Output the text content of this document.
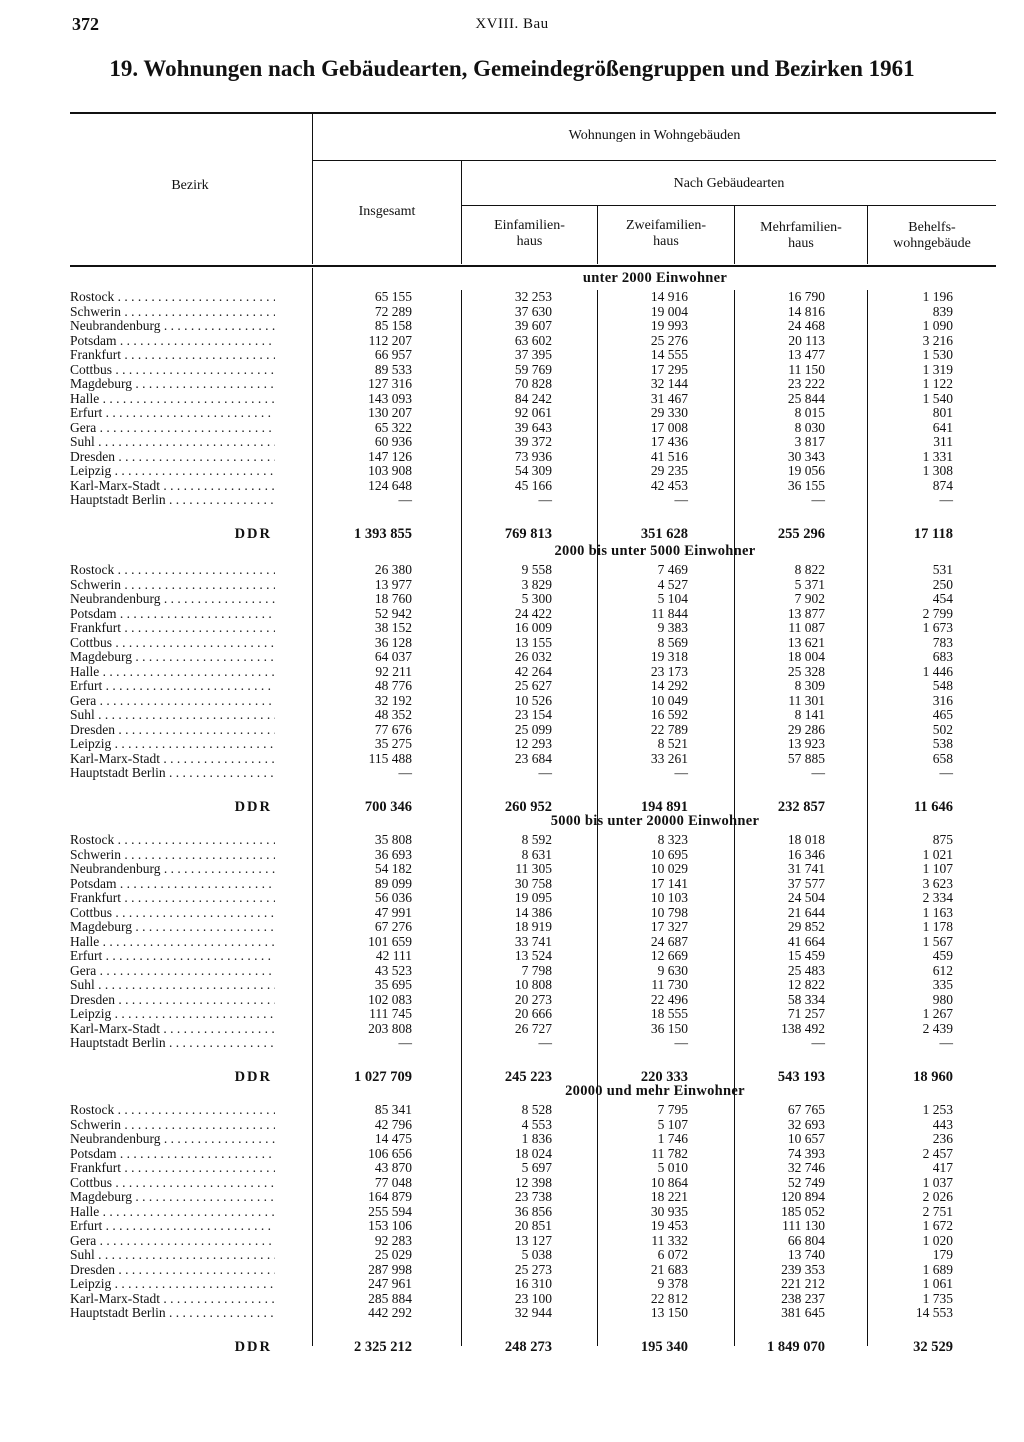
372	XVIII. Bau
19. Wohnungen nach Gebäudearten, Gemeindegrößengruppen und Bezirken 1961
Bezirk
Wohnungen in Wohngebäuden
Insgesamt
Nach Gebäudearten
Einfamilien-
haus
Zweifamilien-
haus
Mehrfamilien-
haus
Behelfs-
wohngebäude
unter 2000 Einwohner
Rostock . . .	65 155	32 253	14 916	16 790	1 196
Schwerin . . .	72 289	37 630	19 004	14 816	839
Neubrandenburg . . .	85 158	39 607	19 993	24 468	1 090
Potsdam . . .	112 207	63 602	25 276	20 113	3 216
Frankfurt . . .	66 957	37 395	14 555	13 477	1 530
Cottbus . . .	89 533	59 769	17 295	11 150	1 319
Magdeburg . . .	127 316	70 828	32 144	23 222	1 122
Halle . . .	143 093	84 242	31 467	25 844	1 540
Erfurt . . .	130 207	92 061	29 330	8 015	801
Gera . . .	65 322	39 643	17 008	8 030	641
Suhl . . .	60 936	39 372	17 436	3 817	311
Dresden . . .	147 126	73 936	41 516	30 343	1 331
Leipzig . . .	103 908	54 309	29 235	19 056	1 308
Karl-Marx-Stadt . . .	124 648	45 166	42 453	36 155	874
Hauptstadt Berlin . . .	—	—	—	—	—
DDR	1 393 855	769 813	351 628	255 296	17 118
2000 bis unter 5000 Einwohner
Rostock . . .	26 380	9 558	7 469	8 822	531
Schwerin . . .	13 977	3 829	4 527	5 371	250
Neubrandenburg . . .	18 760	5 300	5 104	7 902	454
Potsdam . . .	52 942	24 422	11 844	13 877	2 799
Frankfurt . . .	38 152	16 009	9 383	11 087	1 673
Cottbus . . .	36 128	13 155	8 569	13 621	783
Magdeburg . . .	64 037	26 032	19 318	18 004	683
Halle . . .	92 211	42 264	23 173	25 328	1 446
Erfurt . . .	48 776	25 627	14 292	8 309	548
Gera . . .	32 192	10 526	10 049	11 301	316
Suhl . . .	48 352	23 154	16 592	8 141	465
Dresden . . .	77 676	25 099	22 789	29 286	502
Leipzig . . .	35 275	12 293	8 521	13 923	538
Karl-Marx-Stadt . . .	115 488	23 684	33 261	57 885	658
Hauptstadt Berlin . . .	—	—	—	—	—
DDR	700 346	260 952	194 891	232 857	11 646
5000 bis unter 20000 Einwohner
Rostock . . .	35 808	8 592	8 323	18 018	875
Schwerin . . .	36 693	8 631	10 695	16 346	1 021
Neubrandenburg . . .	54 182	11 305	10 029	31 741	1 107
Potsdam . . .	89 099	30 758	17 141	37 577	3 623
Frankfurt . . .	56 036	19 095	10 103	24 504	2 334
Cottbus . . .	47 991	14 386	10 798	21 644	1 163
Magdeburg . . .	67 276	18 919	17 327	29 852	1 178
Halle . . .	101 659	33 741	24 687	41 664	1 567
Erfurt . . .	42 111	13 524	12 669	15 459	459
Gera . . .	43 523	7 798	9 630	25 483	612
Suhl . . .	35 695	10 808	11 730	12 822	335
Dresden . . .	102 083	20 273	22 496	58 334	980
Leipzig . . .	111 745	20 666	18 555	71 257	1 267
Karl-Marx-Stadt . . .	203 808	26 727	36 150	138 492	2 439
Hauptstadt Berlin . . .	—	—	—	—	—
DDR	1 027 709	245 223	220 333	543 193	18 960
20000 und mehr Einwohner
Rostock . . .	85 341	8 528	7 795	67 765	1 253
Schwerin . . .	42 796	4 553	5 107	32 693	443
Neubrandenburg . . .	14 475	1 836	1 746	10 657	236
Potsdam . . .	106 656	18 024	11 782	74 393	2 457
Frankfurt . . .	43 870	5 697	5 010	32 746	417
Cottbus . . .	77 048	12 398	10 864	52 749	1 037
Magdeburg . . .	164 879	23 738	18 221	120 894	2 026
Halle . . .	255 594	36 856	30 935	185 052	2 751
Erfurt . . .	153 106	20 851	19 453	111 130	1 672
Gera . . .	92 283	13 127	11 332	66 804	1 020
Suhl . . .	25 029	5 038	6 072	13 740	179
Dresden . . .	287 998	25 273	21 683	239 353	1 689
Leipzig . . .	247 961	16 310	9 378	221 212	1 061
Karl-Marx-Stadt . . .	285 884	23 100	22 812	238 237	1 735
Hauptstadt Berlin . . .	442 292	32 944	13 150	381 645	14 553
DDR	2 325 212	248 273	195 340	1 849 070	32 529
